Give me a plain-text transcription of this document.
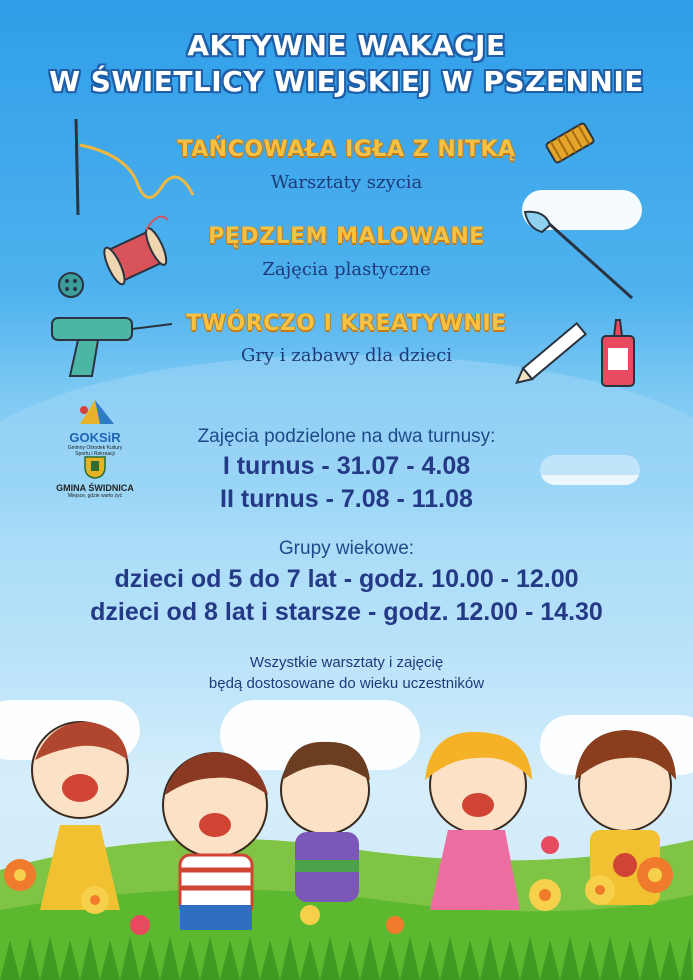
AKTYWNE WAKACJE
W ŚWIETLICY WIEJSKIEJ W PSZENNIE
TAŃCOWAŁA IGŁA Z NITKĄ
Warsztaty szycia
PĘDZLEM MALOWANE
Zajęcia plastyczne
TWÓRCZO I KREATYWNIE
Gry i zabawy dla dzieci
GOKSiR
Gminny Ośrodek Kultury Sportu i Rekreacji
GMINA ŚWIDNICA
Miejsce, gdzie warto żyć
Zajęcia podzielone na dwa turnusy:
I turnus - 31.07 - 4.08
II turnus - 7.08 - 11.08
Grupy wiekowe:
dzieci od 5 do 7 lat - godz. 10.00 - 12.00
dzieci od 8 lat i starsze - godz. 12.00 - 14.30
Wszystkie warsztaty i zajęcię
będą dostosowane do wieku uczestników
